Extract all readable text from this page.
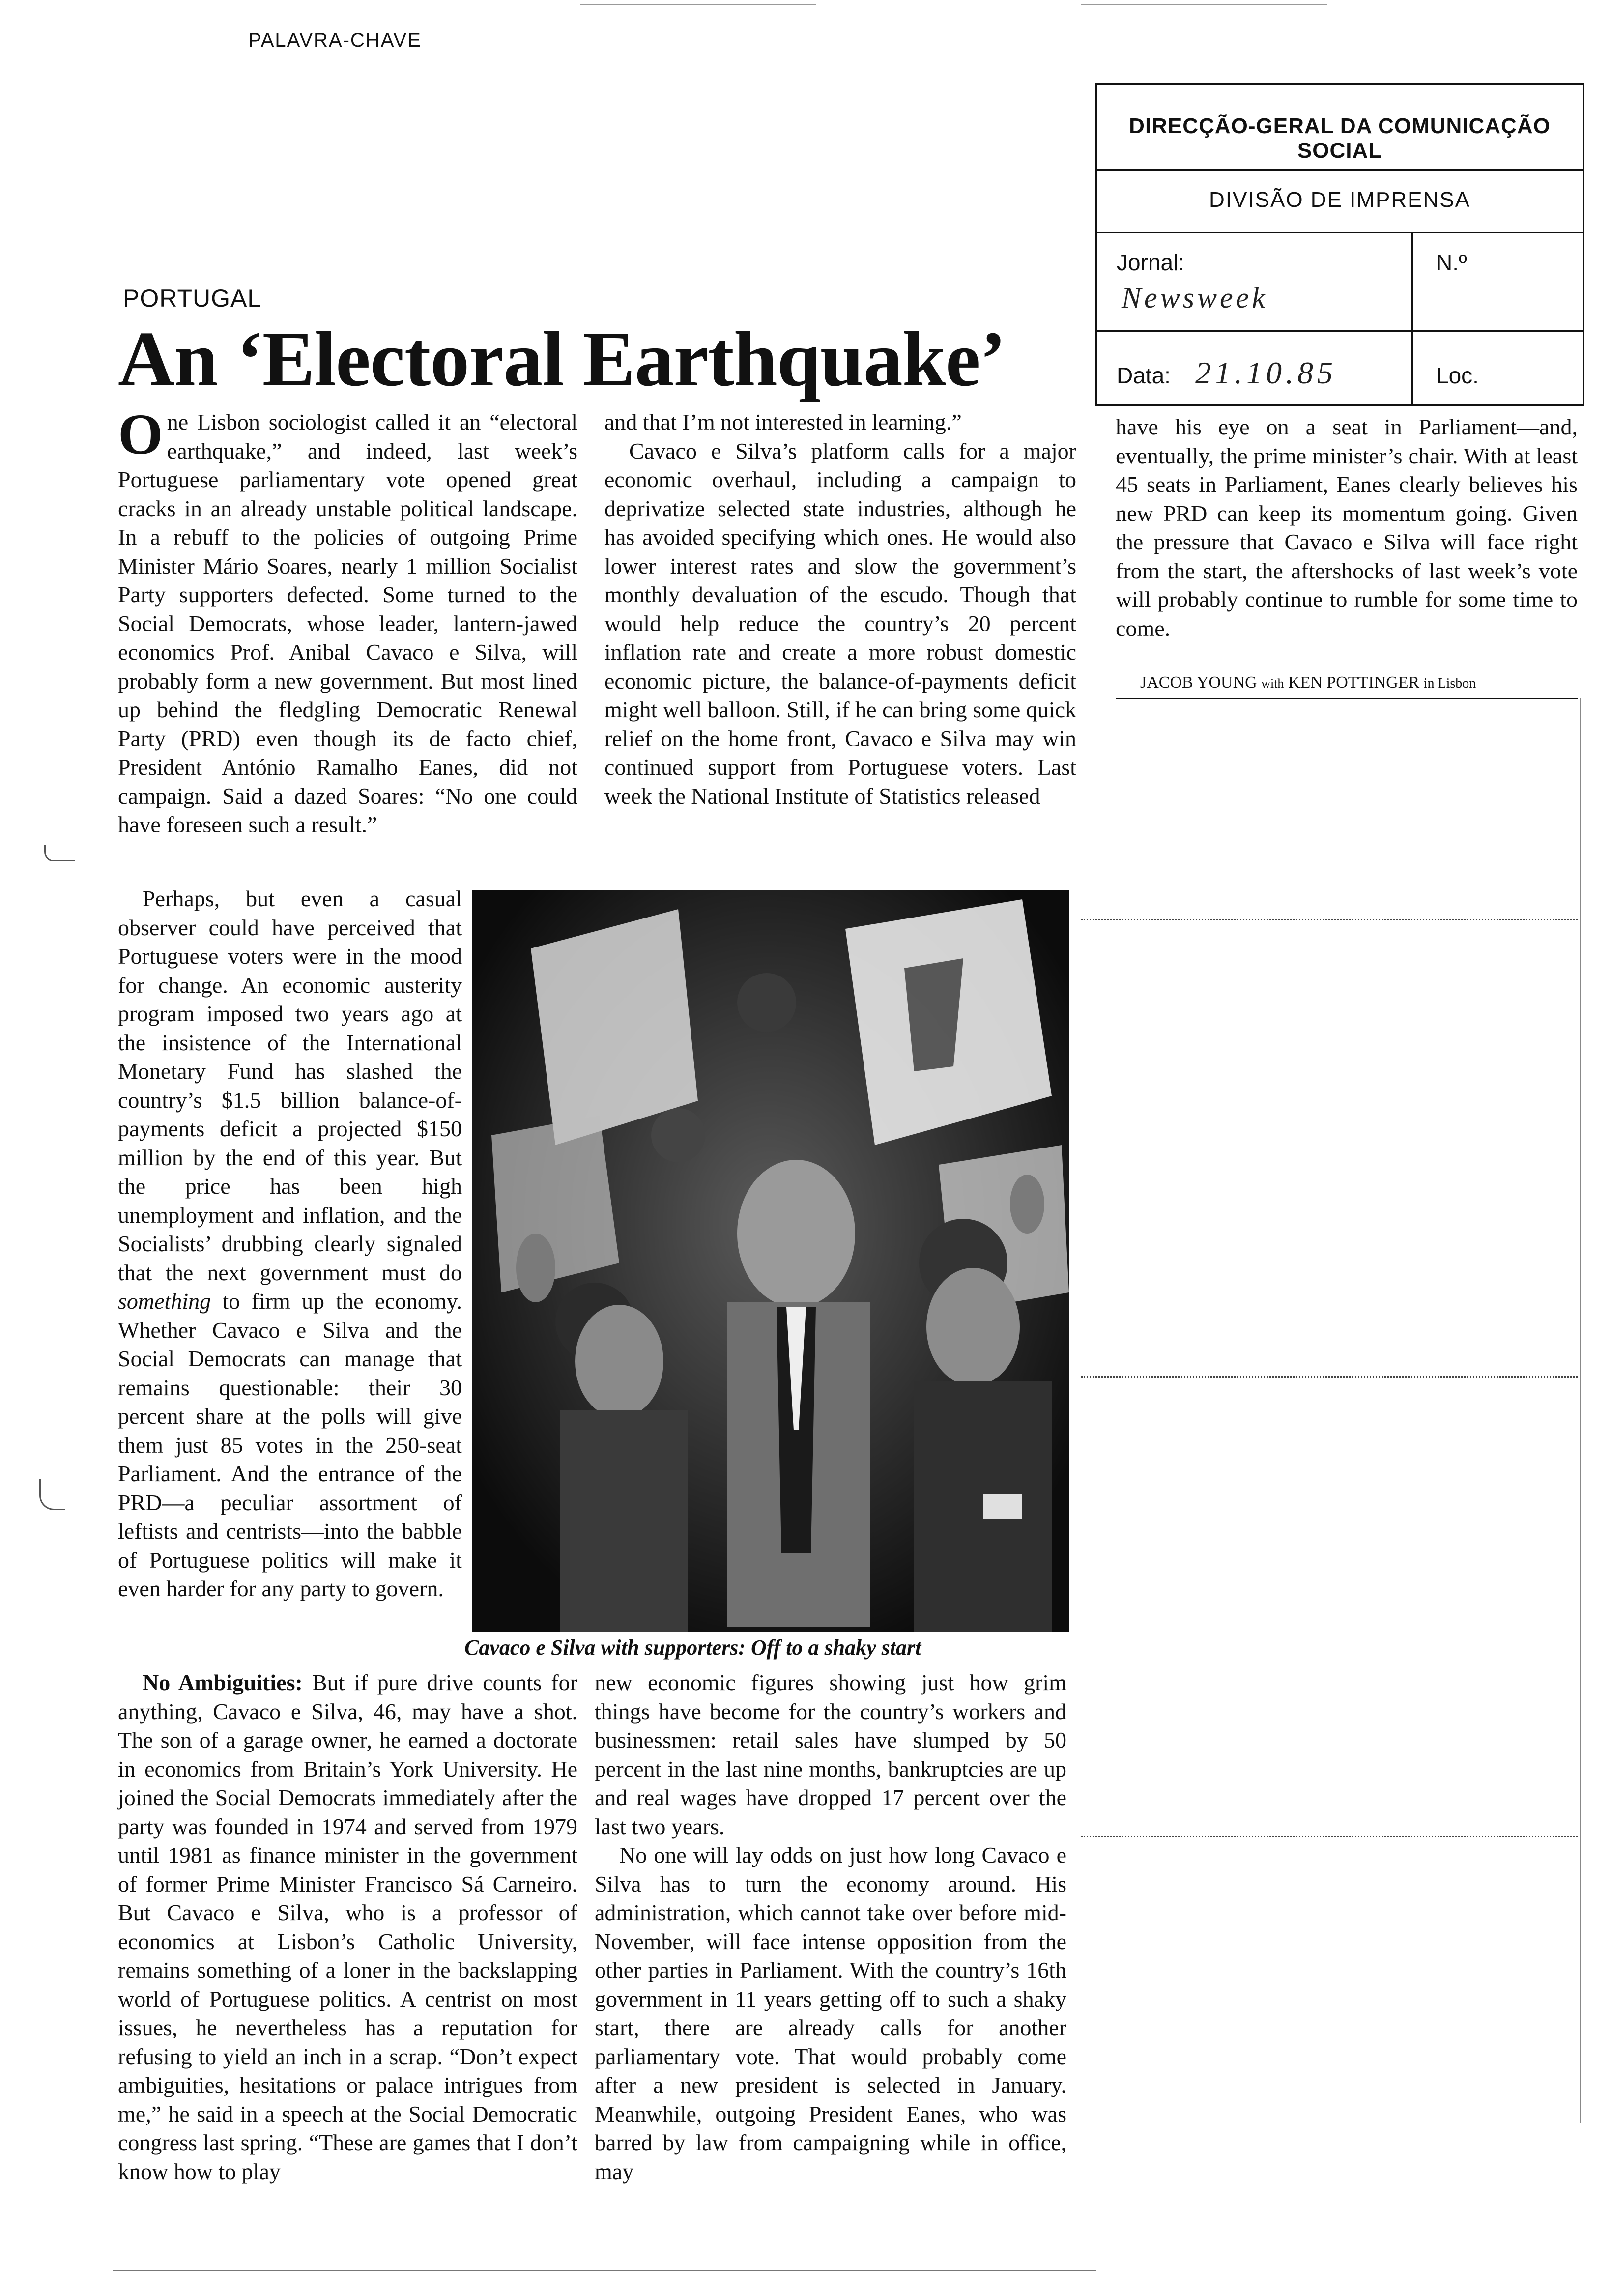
PALAVRA-CHAVE
DIRECÇÃO-GERAL DA COMUNICAÇÃO SOCIAL
DIVISÃO DE IMPRENSA
Jornal:
Newsweek
N.º
Data: 21.10.85	Loc.
PORTUGAL
An ‘Electoral Earthquake’

One Lisbon sociologist called it an “electoral earthquake,” and indeed, last week’s Portuguese parliamentary vote opened great cracks in an already unstable political landscape. In a rebuff to the policies of outgoing Prime Minister Mário Soares, nearly 1 million Socialist Party supporters defected. Some turned to the Social Democrats, whose leader, lantern-jawed economics Prof. Anibal Cavaco e Silva, will probably form a new government. But most lined up behind the fledgling Democratic Renewal Party (PRD) even though its de facto chief, President António Ramalho Eanes, did not campaign. Said a dazed Soares: “No one could have foreseen such a result.”

Perhaps, but even a casual observer could have perceived that Portuguese voters were in the mood for change. An economic austerity program imposed two years ago at the insistence of the International Monetary Fund has slashed the country’s $1.5 billion balance-of-payments deficit a projected $150 million by the end of this year. But the price has been high unemployment and inflation, and the Socialists’ drubbing clearly signaled that the next government must do something to firm up the economy. Whether Cavaco e Silva and the Social Democrats can manage that remains questionable: their 30 percent share at the polls will give them just 85 votes in the 250-seat Parliament. And the entrance of the PRD—a peculiar assortment of leftists and centrists—into the babble of Portuguese politics will make it even harder for any party to govern.

No Ambiguities: But if pure drive counts for anything, Cavaco e Silva, 46, may have a shot. The son of a garage owner, he earned a doctorate in economics from Britain’s York University. He joined the Social Democrats immediately after the party was founded in 1974 and served from 1979 until 1981 as finance minister in the government of former Prime Minister Francisco Sá Carneiro. But Cavaco e Silva, who is a professor of economics at Lisbon’s Catholic University, remains something of a loner in the backslapping world of Portuguese politics. A centrist on most issues, he nevertheless has a reputation for refusing to yield an inch in a scrap. “Don’t expect ambiguities, hesitations or palace intrigues from me,” he said in a speech at the Social Democratic congress last spring. “These are games that I don’t know how to play

and that I’m not interested in learning.”

Cavaco e Silva’s platform calls for a major economic overhaul, including a campaign to deprivatize selected state industries, although he has avoided specifying which ones. He would also lower interest rates and slow the government’s monthly devaluation of the escudo. Though that would help reduce the country’s 20 percent inflation rate and create a more robust domestic economic picture, the balance-of-payments deficit might well balloon. Still, if he can bring some quick relief on the home front, Cavaco e Silva may win continued support from Portuguese voters. Last week the National Institute of Statistics released

Cavaco e Silva with supporters: Off to a shaky start

new economic figures showing just how grim things have become for the country’s workers and businessmen: retail sales have slumped by 50 percent in the last nine months, bankruptcies are up and real wages have dropped 17 percent over the last two years.

No one will lay odds on just how long Cavaco e Silva has to turn the economy around. His administration, which cannot take over before mid-November, will face intense opposition from the other parties in Parliament. With the country’s 16th government in 11 years getting off to such a shaky start, there are already calls for another parliamentary vote. That would probably come after a new president is selected in January. Meanwhile, outgoing President Eanes, who was barred by law from campaigning while in office, may

have his eye on a seat in Parliament—and, eventually, the prime minister’s chair. With at least 45 seats in Parliament, Eanes clearly believes his new PRD can keep its momentum going. Given the pressure that Cavaco e Silva will face right from the start, the aftershocks of last week’s vote will probably continue to rumble for some time to come.

JACOB YOUNG with KEN POTTINGER in Lisbon
